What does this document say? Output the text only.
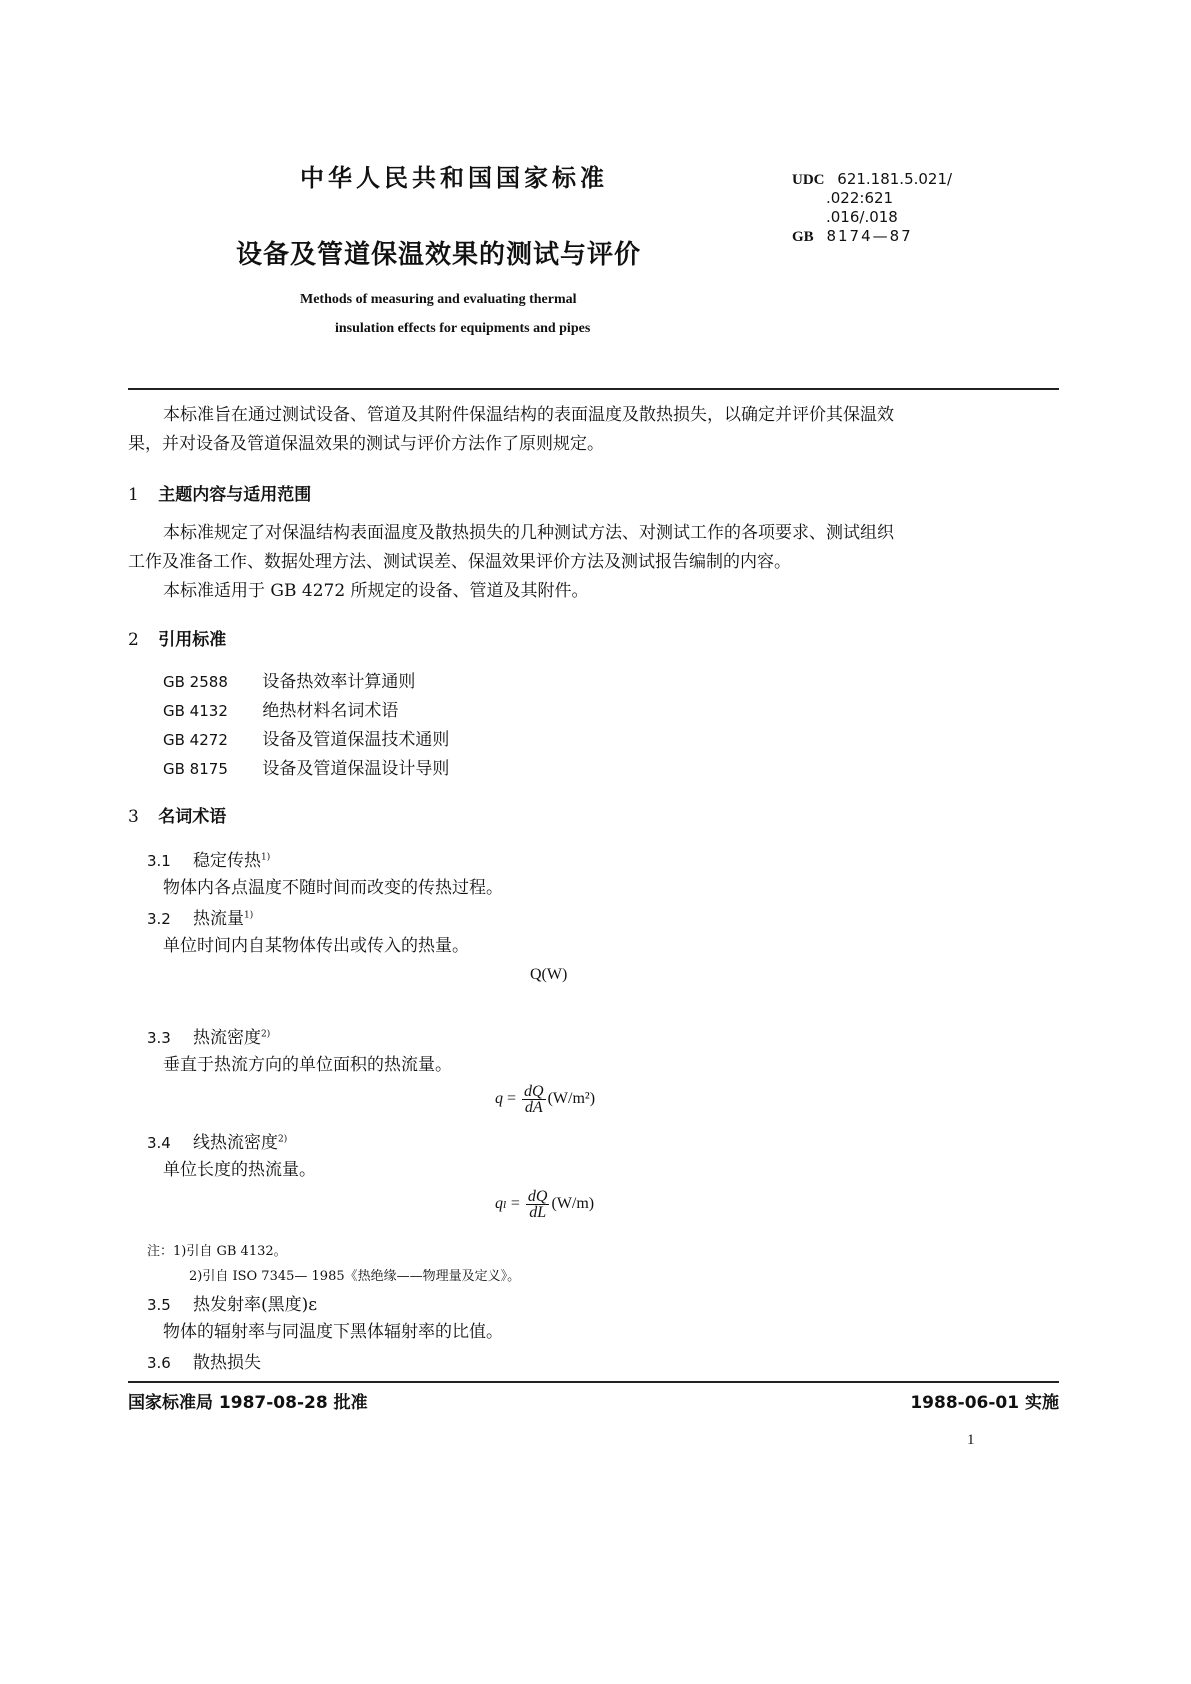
中华人民共和国国家标准
设备及管道保温效果的测试与评价
Methods of measuring and evaluating thermal
insulation effects for equipments and pipes
UDC 621.181.5.021/
.022:621
.016/.018
GB 8174—87

本标准旨在通过测试设备、管道及其附件保温结构的表面温度及散热损失，以确定并评价其保温效

果，并对设备及管道保温效果的测试与评价方法作了原则规定。

1 主题内容与适用范围

本标准规定了对保温结构表面温度及散热损失的几种测试方法、对测试工作的各项要求、测试组织

工作及准备工作、数据处理方法、测试误差、保温效果评价方法及测试报告编制的内容。

本标准适用于 GB 4272 所规定的设备、管道及其附件。

2 引用标准
GB 2588 设备热效率计算通则
GB 4132 绝热材料名词术语
GB 4272 设备及管道保温技术通则
GB 8175 设备及管道保温设计导则
3 名词术语
3.1 稳定传热$^{1)}$

物体内各点温度不随时间而改变的传热过程。

3.2 热流量$^{1)}$

单位时间内自某物体传出或传入的热量。

Q(W)
3.3 热流密度$^{2)}$

垂直于热流方向的单位面积的热流量。

$q = \frac{dQ}{dA} (W/m^2)$
3.4 线热流密度$^{2)}$

单位长度的热流量。

$q_l = \frac{dQ}{dL} (W/m)$
注：1)引自 GB 4132。
2)引自 ISO 7345— 1985《热绝缘——物理量及定义》。
3.5 热发射率(黑度)ε

物体的辐射率与同温度下黑体辐射率的比值。

3.6 散热损失
国家标准局 1987-08-28 批准	1988-06-01 实施
1
